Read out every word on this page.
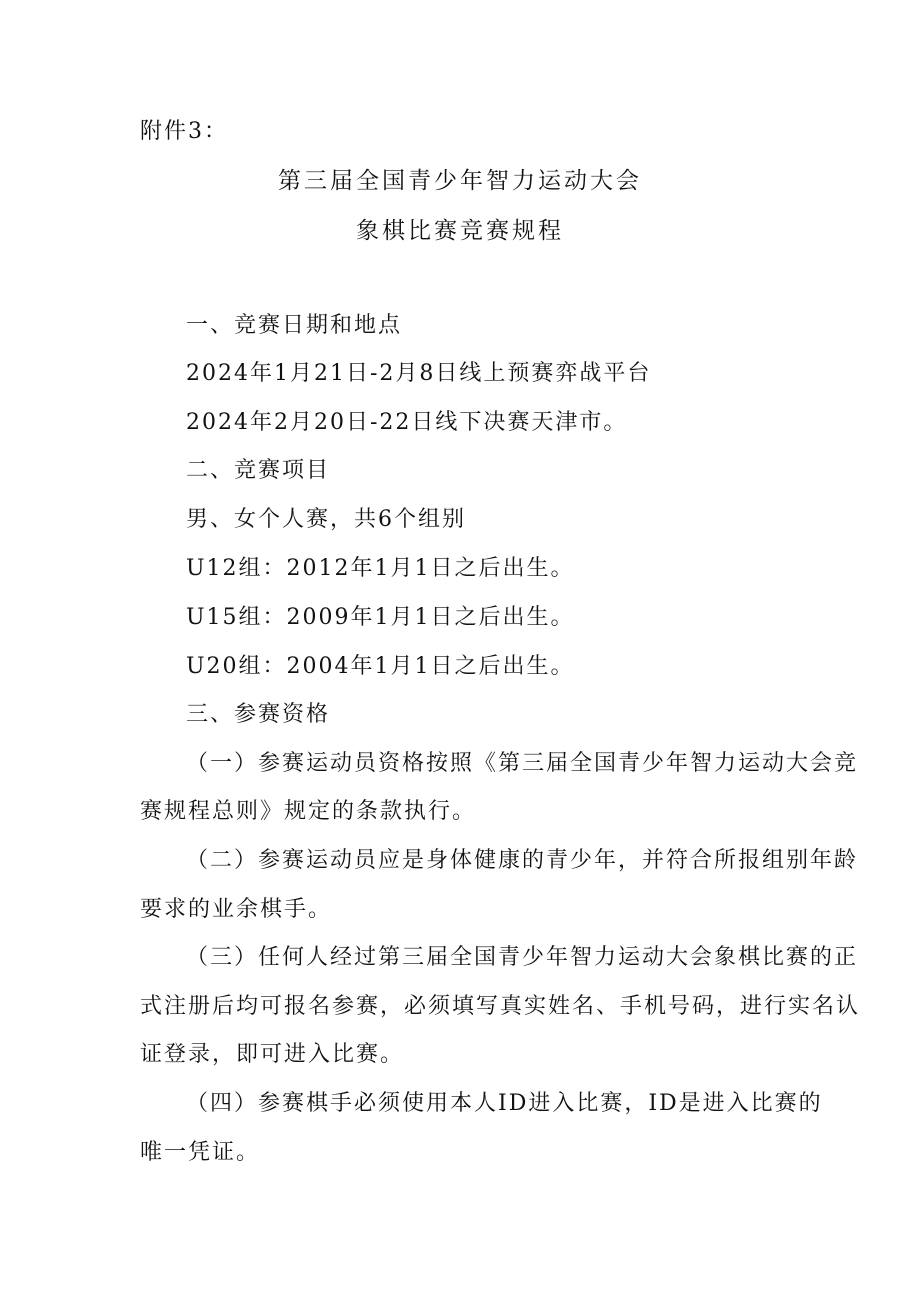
附件3：
第三届全国青少年智力运动大会
象棋比赛竞赛规程
一、竞赛日期和地点
2024年1月21日-2月8日线上预赛弈战平台
2024年2月20日-22日线下决赛天津市。
二、竞赛项目
男、女个人赛，共6个组别
U12组：2012年1月1日之后出生。
U15组：2009年1月1日之后出生。
U20组：2004年1月1日之后出生。
三、参赛资格
（一）参赛运动员资格按照《第三届全国青少年智力运动大会竞
赛规程总则》规定的条款执行。
（二）参赛运动员应是身体健康的青少年，并符合所报组别年龄
要求的业余棋手。
（三）任何人经过第三届全国青少年智力运动大会象棋比赛的正
式注册后均可报名参赛，必须填写真实姓名、手机号码，进行实名认
证登录，即可进入比赛。
（四）参赛棋手必须使用本人ID进入比赛，ID是进入比赛的
唯一凭证。
